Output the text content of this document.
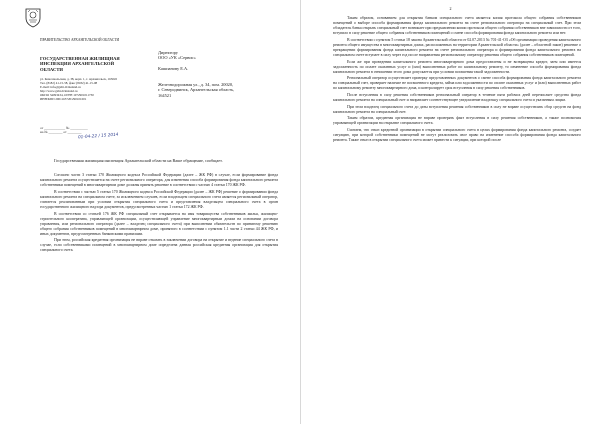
ПРАВИТЕЛЬСТВО АРХАНГЕЛЬСКОЙ ОБЛАСТИ
ГОСУДАРСТВЕННАЯ ЖИЛИЩНАЯ ИНСПЕКЦИЯ АРХАНГЕЛЬСКОЙ ОБЛАСТИ
ул. Комсомольская, д. 38, корп. 1, г. Архангельск, 163045
Тел. (8182) 41-15-58, факс (8182) 41-15-08
E-mail: info@gzhi.dvinaland.ru
http://www.gzhi.dvinaland.ru
ОКПО 34093434, ОГРН 1072901011730
ИНН/КПП 2901165720/290101001
от ____________ № __________
на № ________ от ________
01-04-22 / 15 2014
Директору
ООО «УК «Сервис»

Кашпанову Е.А.
Железнодорожная ул., д. 34, пом. 20020,
г. Северодвинск, Архангельская область,
164521
Государственная жилищная инспекция Архангельской области на Ваше обращение, сообщает.

Согласно части 3 статьи 170 Жилищного кодекса Российской Федерации (далее – ЖК РФ) в случае, если формирование фонда капитального ремонта осуществляется на счете регионального оператора, для изменения способа формирования фонда капитального ремонта собственники помещений в многоквартирном доме должны принять решение в соответствии с частью 4 статьи 170 ЖК РФ.

В соответствии с частью 5 статьи 170 Жилищного кодекса Российской Федерации (далее – ЖК РФ) решение о формировании фонда капитального ремонта на специальном счете, за исключением случаев, если владельцем специального счета является региональный оператор, считается реализованным при условии открытия специального счета и представления владельцем специального счета в орган государственного жилищного надзора документов, предусмотренных частью 1 статьи 172 ЖК РФ.

В соответствии со статьей 176 ЖК РФ специальный счет открывается на имя товарищества собственников жилья, жилищно-строительного кооператива, управляющей организации, осуществляющей управление многоквартирным домом на основании договора управления, или регионального оператора (далее – владелец специального счета) при выполнении обязательств по принятому решению общего собрания собственников помещений в многоквартирном доме, принятого в соответствии с пунктом 1.1 части 2 статьи 44 ЖК РФ, и иных документов, предусмотренных банковскими правилами.

При этом, российская кредитная организация не вправе отказать в заключении договора на открытие и ведение специального счета в случае, если собственниками помещений в многоквартирном доме определена данная российская кредитная организация для открытия специального счета.

2

Таким образом, основанием для открытия банком специального счета является копия протокола общего собрания собственников помещений о выборе способа формирования фонда капитального ремонта на счете регионального оператора на специальный счет. При этом обладатель банка открыть специальный счет возникает при предъявлении копии протокола общего собрания собственников вне зависимости от того, вступило в силу решение общего собрания собственников помещений о смене способа формирования фонда капитального ремонта или нет.

В соответствии с пунктом 5 статьи 18 закона Архангельской области от 02.07.2013 № 701-41-ОЗ «Об организации проведения капитального ремонта общего имущества в многоквартирных домах, расположенных на территории Архангельской области» (далее – областной закон) решение о прекращении формирования фонда капитального ремонта на счете регионального оператора и формировании фонда капитального ремонта на специальном счете вступает в силу через год после направления региональному оператору решения общего собрания собственников помещений.

Если же при проведении капитального ремонта многоквартирного дома предоставлены и не возвращены кредит, заем или имеется задолженность по оплате оказанных услуг и (или) выполненных работ по капитальному ремонту, то изменение способа формирования фонда капитального ремонта в отношении этого дома допускается при условии погашения такой задолженности.

Региональный оператор осуществляет проверку представленных документов о смене способа формирования фонда капитального ремонта на специальный счет, проверяет наличие не погашенного кредита, займа или задолженности по оплате оказанных услуг и (или) выполненных работ по капитальному ремонту многоквартирного дома, и контролирует срок вступления в силу решения собственников.

После вступления в силу решения собственников региональный оператор в течение пяти рабочих дней перечисляет средства фонда капитального ремонта на специальный счет и направляет соответствующее уведомление владельцу специального счета и указанным лицам.

При этом владелец специального счета до даты вступления решения собственников в силу не вправе осуществлять сбор средств на фонд капитального ремонта на специальный счет.

Таким образом, кредитная организация не вправе проверять факт вступления в силу решения собственников, а также полномочия управляющей организации на открытие специального счета.

Считаем, что отказ кредитной организации в открытии специального счета в целях формирования фонда капитального ремонта, создает ситуацию, при которой собственники помещений не могут реализовать свое право на изменение способа формирования фонда капитального ремонта. Также отказ в открытии специального счета может привести к ситуации, при которой после
